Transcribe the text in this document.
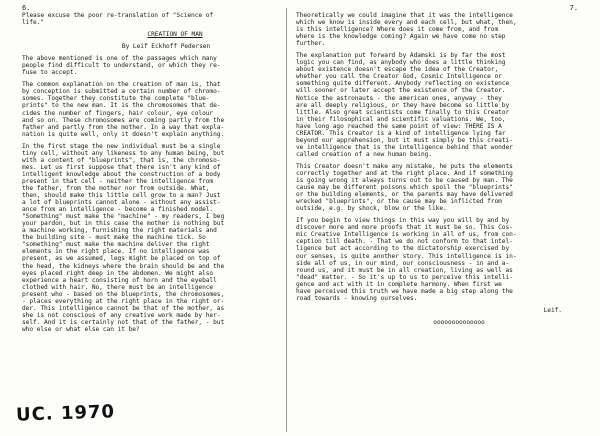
6.
Please excuse the poor re-translation of "Science of
life."
CREATION OF MAN
By Leif Eckhoff Pedersen
The above mentioned is one of the passages which many
people find difficult to understand, or which they re-
fuse to accept.
The common explanation on the creation of man is, that
by conception is submitted a certain number of chromo-
somes. Together they constitute the complete "blue-
prints" to the new man. It is the chromosomes that de-
cides the number of fingers, hair colour, eye colour
and so on. These chromosomes are coming partly from the
father and partly from the mother. In a way that expla-
nation is quite well, only it doesn't explain anything.
In the first stage the new individual must be a single
tiny cell, without any likeness to any human being, but
with a content of "blueprints", that is, the chromoso-
mes. Let us first suppose that there isn't any kind of
intelligent knowledge about the construction of a body
present in that cell - neither the intelligence from
the father, from the mother nor from outside. What,
then, should make this little cell grow to a man? Just
a lot of blueprints cannot alone - without any assist-
ance from an intelligence - become a finished model.
"Something" must make the "machine" - my readers, I beg
your pardon, but in this case the mother is nothing but
a machine working, furnishing the right materials and
the building site - must make the machine tick. So
"something" must make the machine deliver the right
elements in the right place. If no intelligence was
present, as we assumed, legs might be placed on top of
the head, the kidneys where the brain should be and the
eyes placed right deep in the abdomen. We might also
experience a heart consisting of horn and the eyeball
clothed with hair. No, there must be an intelligence
present who - based on the blueprints, the chromosomes,
- places everything at the right place in the right or-
der. This intelligence cannot be that of the mother, as
she is not conscious of any creative work made by her-
self. And it is certainly not that of the father, - but
who else or what else can it be?
7.
Theoretically we could imagine that it was the intelligence
which we know is inside every and each cell, but what, then,
is this intelligence? Where does it come from, and from
where is the knowledge coming? Again we have come no step
further.
The explanation put forward by Adamski is by far the most
logic you can find, as anybody who does a little thinking
about existence doesn't escape the idea of the Creator,
whether you call the Creator God, Cosmic Intelligence or
something quite different. Anybody reflecting on existence
will sooner or later accept the existence of the Creator.
Notice the astronauts - the american ones, anyway - they
are all deeply religious, or they have become so little by
little. Also great scientists come finally to this Creator
in their filosophical and scientific valuations. We, too,
have long ago reached the same point of view: THERE IS A
CREATOR. This Creator is a kind of intelligence lying far
beyond our apprehension, but it must simply be this creati-
ve intelligence that is the intelligence behind that wonder
called creation of a new human being.
This Creator doesn't make any mistake, he puts the elements
correctly together and at the right place. And if something
is going wrong it always turns out to be caused by man. The
cause may be different poisons which spoil the "blueprints"
or the building elements, or the parents may have delivered
wrecked "blueprints", or the cause may be inflicted from
outside, e.g. by shock, blow or the like.
If you begin to view things in this way you will by and by
discover more and more proofs that it must be so. This Cos-
mic Creative Intelligence is working in all of us, from con-
ception till death. - That we do not conform to that intel-
ligence but act according to the dictatorship exercised by
our senses, is quite another story. This intelligence is in-
side all of us, in our mind, our consciousness - in and a-
round us, and it must be in all creation, living as well as
"dead" matter. - So it's up to us to perceive this intelli-
gence and act with it in complete harmony. When first we
have perceived this truth we have made a big step along the
road towards - knowing ourselves.
Leif.
oooooooooooooo
UC. 1970
